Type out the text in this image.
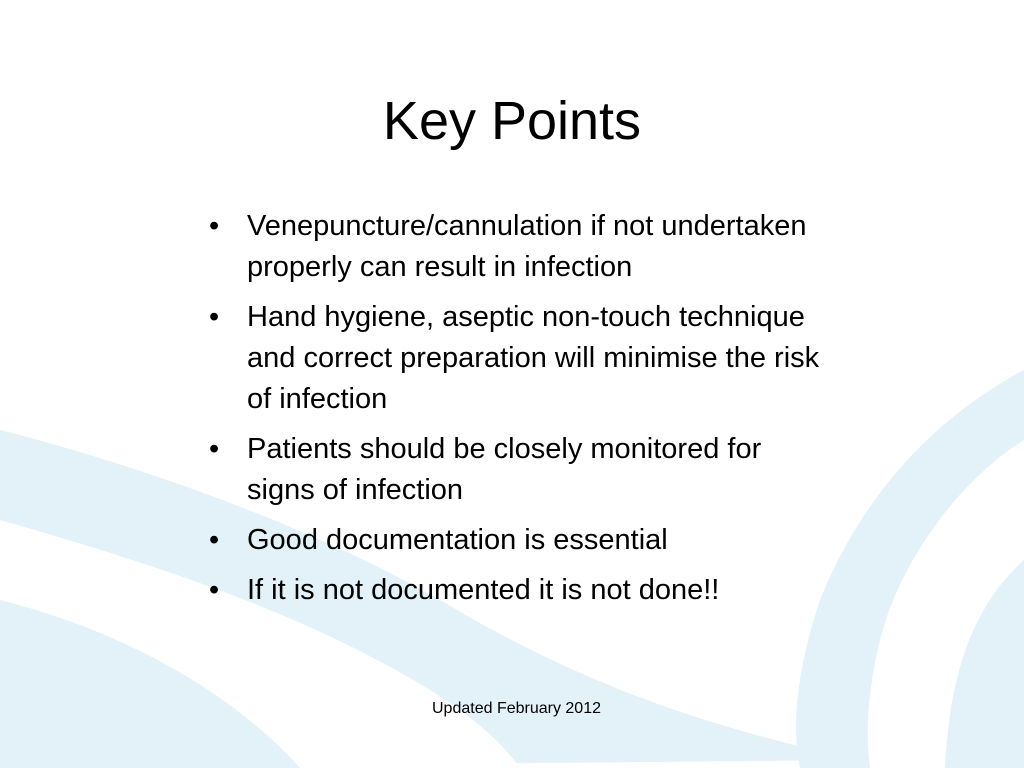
Key Points
• Venepuncture/cannulation if not undertaken properly can result in infection
• Hand hygiene, aseptic non-touch technique and correct preparation will minimise the risk of infection
• Patients should be closely monitored for signs of infection
• Good documentation is essential
• If it is not documented it is not done!!
Updated February 2012
